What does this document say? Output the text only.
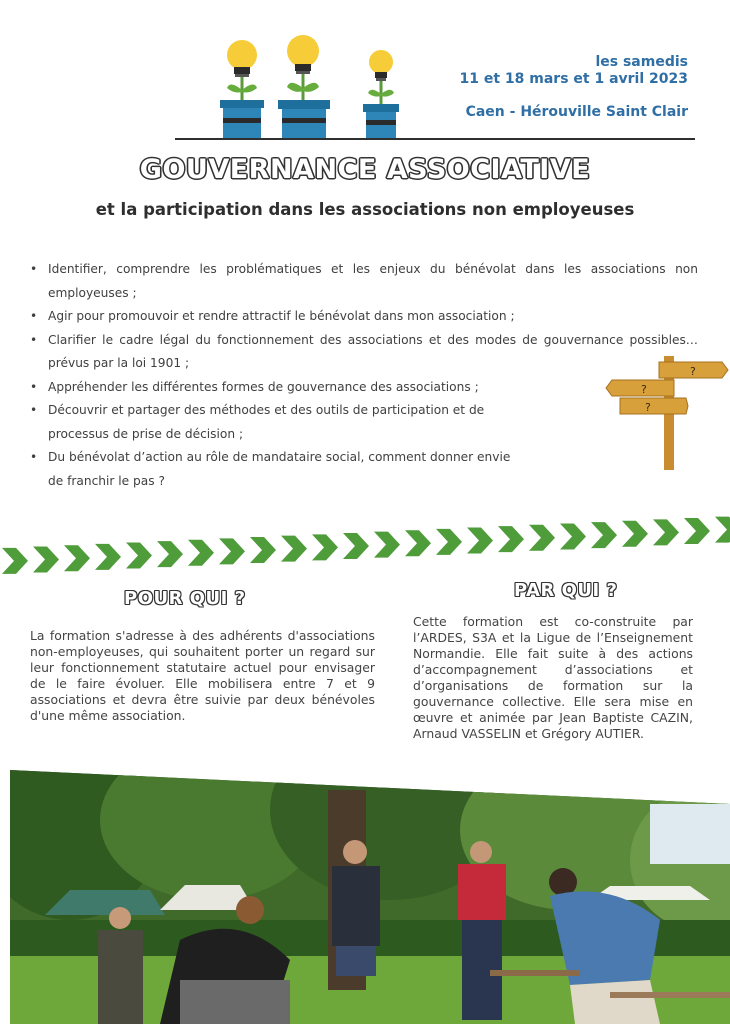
les samedis
11 et 18 mars et 1 avril 2023
Caen - Hérouville Saint Clair
GOUVERNANCE ASSOCIATIVE
et la participation dans les associations non employeuses
• Identifier, comprendre les problématiques et les enjeux du bénévolat dans les associations non employeuses ;
• Agir pour promouvoir et rendre attractif le bénévolat dans mon association ;
• Clarifier le cadre légal du fonctionnement des associations et des modes de gouvernance possibles… prévus par la loi 1901 ;
• Appréhender les différentes formes de gouvernance des associations ;
• Découvrir et partager des méthodes et des outils de participation et de processus de prise de décision ;
• Du bénévolat d’action au rôle de mandataire social, comment donner envie de franchir le pas ?
?
?
?
POUR QUI ?
La formation s'adresse à des adhérents d'associations non-employeuses, qui souhaitent porter un regard sur leur fonctionnement statutaire actuel pour envisager de le faire évoluer. Elle mobilisera entre 7 et 9 associations et devra être suivie par deux bénévoles d'une même association.
PAR QUI ?
Cette formation est co-construite par l’ARDES, S3A et la Ligue de l’Enseignement Normandie. Elle fait suite à des actions d’accompagnement d’associations et d’organisations de formation sur la gouvernance collective. Elle sera mise en œuvre et animée par Jean Baptiste CAZIN, Arnaud VASSELIN et Grégory AUTIER.
